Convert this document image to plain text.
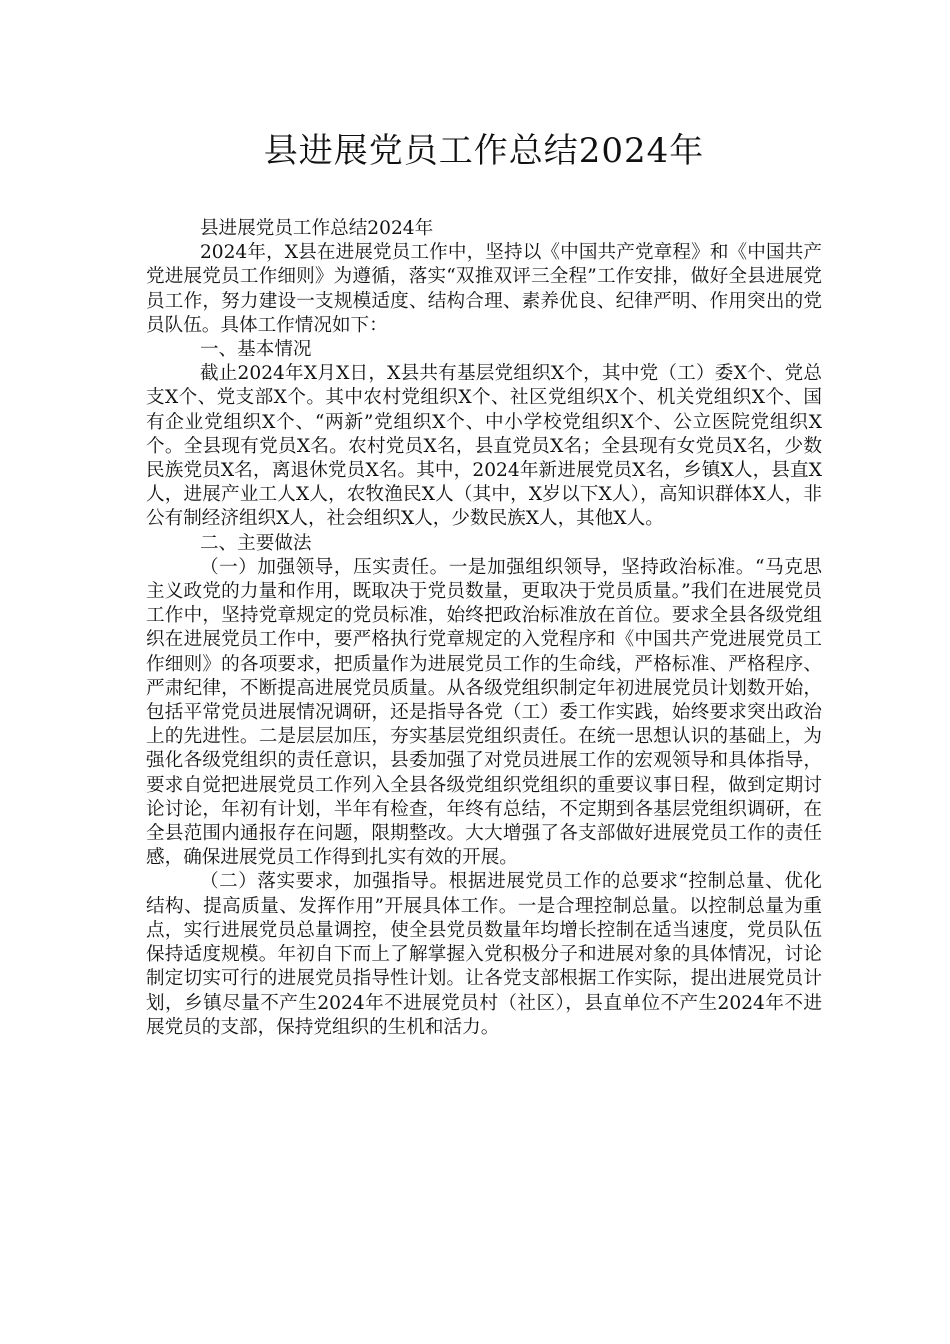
县进展党员工作总结2024年

县进展党员工作总结2024年

2024年，X县在进展党员工作中，坚持以《中国共产党章程》和《中国共产党进展党员工作细则》为遵循，落实“双推双评三全程”工作安排，做好全县进展党员工作，努力建设一支规模适度、结构合理、素养优良、纪律严明、作用突出的党员队伍。具体工作情况如下：

一、基本情况

截止2024年X月X日，X县共有基层党组织X个，其中党（工）委X个、党总支X个、党支部X个。其中农村党组织X个、社区党组织X个、机关党组织X个、国有企业党组织X个、“两新”党组织X个、中小学校党组织X个、公立医院党组织X个。全县现有党员X名。农村党员X名，县直党员X名；全县现有女党员X名，少数民族党员X名，离退休党员X名。其中，2024年新进展党员X名，乡镇X人，县直X人，进展产业工人X人，农牧渔民X人（其中，X岁以下X人），高知识群体X人，非公有制经济组织X人，社会组织X人，少数民族X人，其他X人。

二、主要做法

（一）加强领导，压实责任。一是加强组织领导，坚持政治标准。“马克思主义政党的力量和作用，既取决于党员数量，更取决于党员质量。”我们在进展党员工作中，坚持党章规定的党员标准，始终把政治标准放在首位。要求全县各级党组织在进展党员工作中，要严格执行党章规定的入党程序和《中国共产党进展党员工作细则》的各项要求，把质量作为进展党员工作的生命线，严格标准、严格程序、严肃纪律，不断提高进展党员质量。从各级党组织制定年初进展党员计划数开始，包括平常党员进展情况调研，还是指导各党（工）委工作实践，始终要求突出政治上的先进性。二是层层加压，夯实基层党组织责任。在统一思想认识的基础上，为强化各级党组织的责任意识，县委加强了对党员进展工作的宏观领导和具体指导，要求自觉把进展党员工作列入全县各级党组织党组织的重要议事日程，做到定期讨论讨论，年初有计划，半年有检查，年终有总结，不定期到各基层党组织调研，在全县范围内通报存在问题，限期整改。大大增强了各支部做好进展党员工作的责任感，确保进展党员工作得到扎实有效的开展。

（二）落实要求，加强指导。根据进展党员工作的总要求“控制总量、优化结构、提高质量、发挥作用”开展具体工作。一是合理控制总量。以控制总量为重点，实行进展党员总量调控，使全县党员数量年均增长控制在适当速度，党员队伍保持适度规模。年初自下而上了解掌握入党积极分子和进展对象的具体情况，讨论制定切实可行的进展党员指导性计划。让各党支部根据工作实际，提出进展党员计划，乡镇尽量不产生2024年不进展党员村（社区），县直单位不产生2024年不进展党员的支部，保持党组织的生机和活力。
